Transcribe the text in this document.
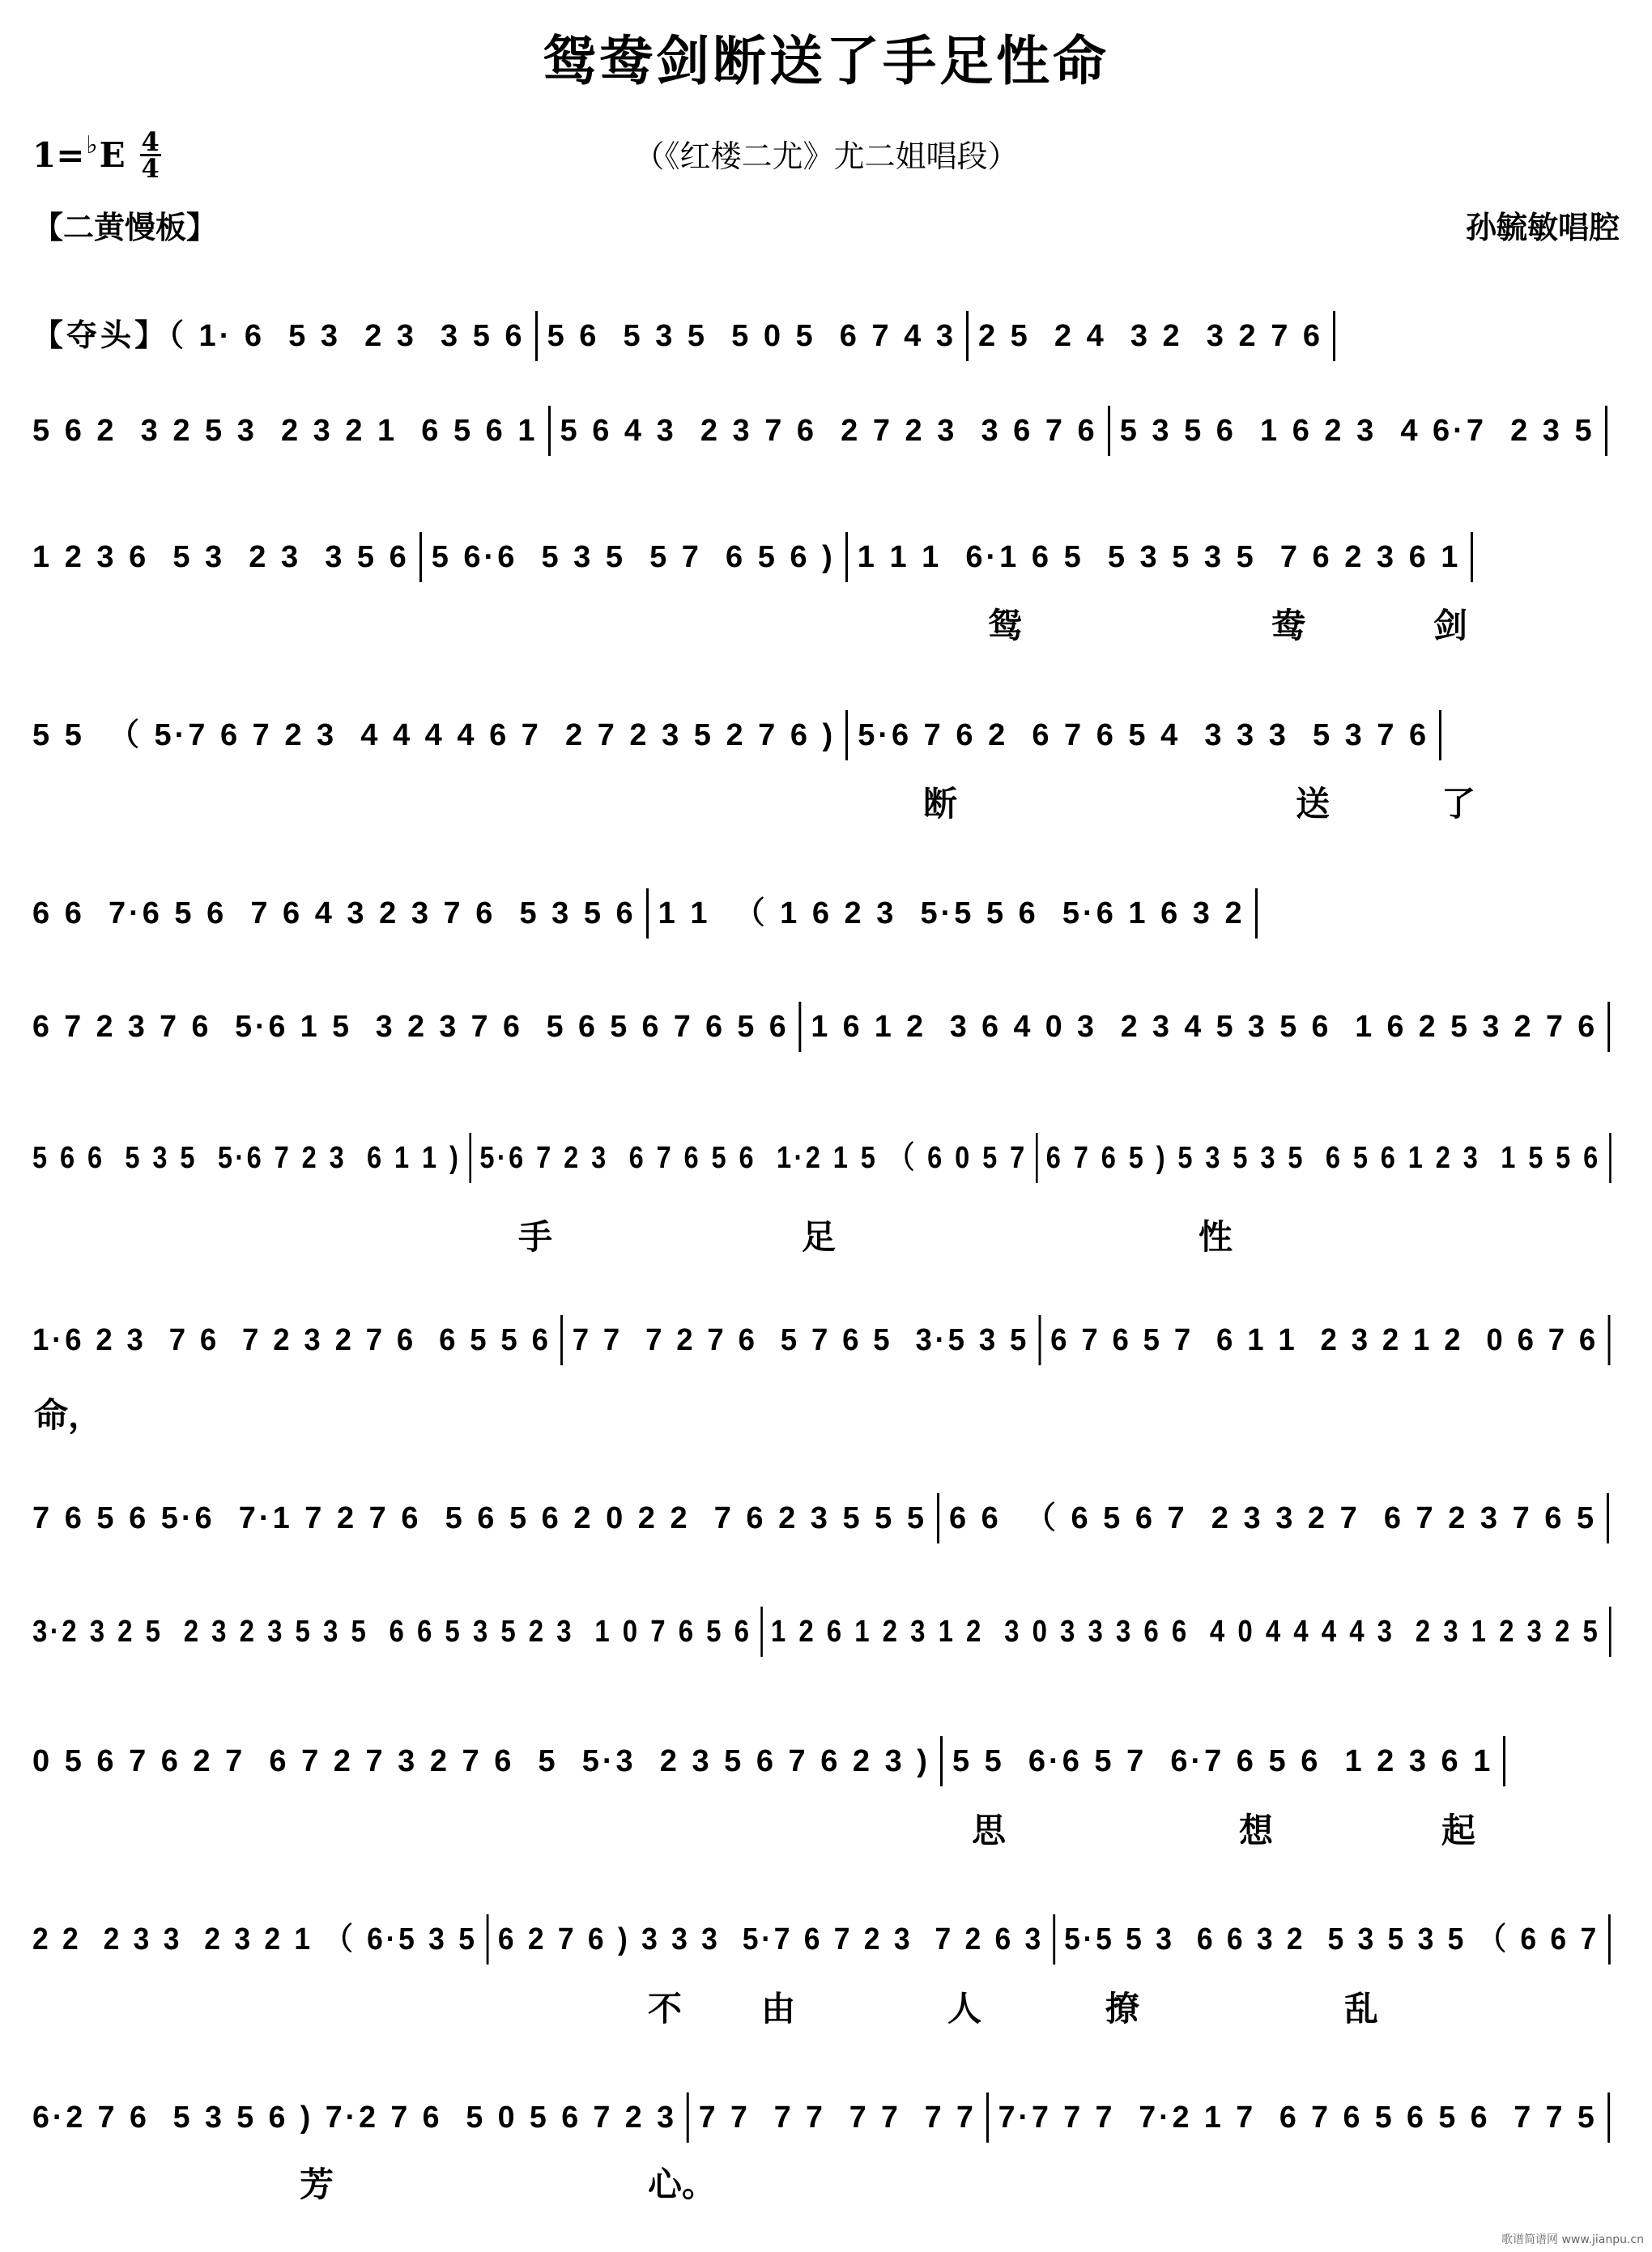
鸳鸯剑断送了手足性命
1= ♭ E $\frac{4}{4}$	（《红楼二尤》尤二姐唱段）
【二黄慢板】	孙毓敏唱腔
【夺头】（ 1· 6  5 3  2 3  3 5 6 5 6  5 3 5  5 0 5  6 7 4 3 2 5  2 4  3 2  3 2 7 6
5 6 2  3 2 5 3  2 3 2 1  6 5 6 1 5 6 4 3  2 3 7 6  2 7 2 3  3 6 7 6 5 3 5 6  1 6 2 3  4 6·7  2 3 5
1 2 3 6  5 3  2 3  3 5 6 5 6·6  5 3 5  5 7  6 5 6 ) 1 1 1  6·1 6 5  5 3 5 3 5  7 6 2 3 6 1
5 5  （ 5·7 6 7 2 3  4 4 4 4 6 7  2 7 2 3 5 2 7 6 ) 5·6 7 6 2  6 7 6 5 4  3 3 3  5 3 7 6
6 6  7·6 5 6  7 6 4 3 2 3 7 6  5 3 5 6 1 1  （ 1 6 2 3  5·5 5 6  5·6 1 6 3 2
6 7 2 3 7 6  5·6 1 5  3 2 3 7 6  5 6 5 6 7 6 5 6 1 6 1 2  3 6 4 0 3  2 3 4 5 3 5 6  1 6 2 5 3 2 7 6
5 6 6  5 3 5  5·6 7 2 3  6 1 1 ) 5·6 7 2 3  6 7 6 5 6  1·2 1 5 （ 6 0 5 7 6 7 6 5 ) 5 3 5 3 5  6 5 6 1 2 3  1 5 5 6
1·6 2 3  7 6  7 2 3 2 7 6  6 5 5 6 7 7  7 2 7 6  5 7 6 5  3·5 3 5 6 7 6 5 7  6 1 1  2 3 2 1 2  0 6 7 6
7 6 5 6 5·6  7·1 7 2 7 6  5 6 5 6 2 0 2 2  7 6 2 3 5 5 5 6 6  （ 6 5 6 7  2 3 3 2 7  6 7 2 3 7 6 5
3·2 3 2 5  2 3 2 3 5 3 5  6 6 5 3 5 2 3  1 0 7 6 5 6 1 2 6 1 2 3 1 2  3 0 3 3 3 6 6  4 0 4 4 4 4 3  2 3 1 2 3 2 5
0 5 6 7 6 2 7  6 7 2 7 3 2 7 6  5  5·3  2 3 5 6 7 6 2 3 ) 5 5  6·6 5 7  6·7 6 5 6  1 2 3 6 1
2 2  2 3 3  2 3 2 1 （ 6·5 3 5 6 2 7 6 ) 3 3 3  5·7 6 7 2 3  7 2 6 3 5·5 5 3  6 6 3 2  5 3 5 3 5 （ 6 6 7
6·2 7 6  5 3 5 6 ) 7·2 7 6  5 0 5 6 7 2 3 7 7  7 7  7 7  7 7 7·7 7 7  7·2 1 7  6 7 6 5 6 5 6  7 7 5
鸳	鸯	剑
断	送	了
手	足	性
命，
思	想	起
不 由	人	撩	乱
芳	心。
歌谱简谱网 www.jianpu.cn
